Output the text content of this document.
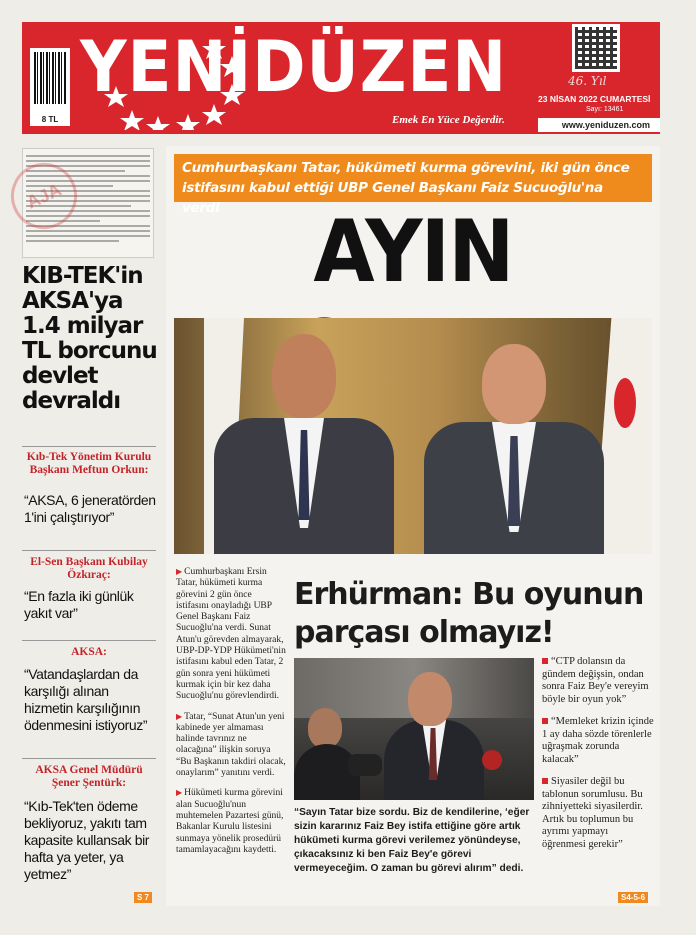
8 TL
YENİDÜZEN
Emek En Yüce Değerdir.
46. Yıl
23 NİSAN 2022 CUMARTESİ
Sayı: 13461
www.yeniduzen.com
AJA
KIB-TEK'in AKSA'ya 1.4 milyar TL borcunu devlet devraldı
Kıb-Tek Yönetim Kurulu Başkanı Meftun Orkun:
“AKSA, 6 jeneratörden 1'ini çalıştırıyor”
El-Sen Başkanı Kubilay Özkıraç:
“En fazla iki günlük yakıt var”
AKSA:
“Vatandaşlardan da karşılığı alınan hizmetin karşılığının ödenmesini istiyoruz”
AKSA Genel Müdürü Şener Şentürk:
“Kıb-Tek'ten ödeme bekliyoruz, yakıtı tam kapasite kullansak bir hafta ya yeter, ya yetmez”
S 7
Cumhurbaşkanı Tatar, hükümeti kurma görevini, iki gün önce istifasını kabul ettiği UBP Genel Başkanı Faiz Sucuoğlu'na verdi	AYIN

▶ Cumhurbaşkanı Ersin Tatar, hükümeti kurma görevini 2 gün önce istifasını onayladığı UBP Genel Başkanı Faiz Sucuoğlu'na verdi. Sunat Atun'u görevden almayarak, UBP-DP-YDP Hükümeti'nin istifasını kabul eden Tatar, 2 gün sonra yeni hükümeti kurmak için bir kez daha Sucuoğlu'nu görevlendirdi.

▶ Tatar, “Sunat Atun'un yeni kabinede yer almaması halinde tavrınız ne olacağına” ilişkin soruya “Bu Başkanın takdiri olacak, onaylarım” yanıtını verdi.

▶ Hükümeti kurma görevini alan Sucuoğlu'nun muhtemelen Pazartesi günü, Bakanlar Kurulu listesini sunmaya yönelik prosedürü tamamlayacağını kaydetti.

Erhürman: Bu oyunun parçası olmayız!
“Sayın Tatar bize sordu. Biz de kendilerine, ‘eğer sizin kararınız Faiz Bey istifa ettiğine göre artık hükümeti kurma görevi verilemez yönündeyse, çıkacaksınız ki ben Faiz Bey'e görevi vermeyeceğim. O zaman bu görevi alırım” dedi.

“CTP dolansın da gündem değişsin, ondan sonra Faiz Bey'e vereyim böyle bir oyun yok”

“Memleket krizin içinde 1 ay daha sözde törenlerle uğraşmak zorunda kalacak”

Siyasiler değil bu tablonun sorumlusu. Bu zihniyetteki siyasilerdir. Artık bu toplumun bu ayrımı yapmayı öğrenmesi gerekir”

S4-5-6
